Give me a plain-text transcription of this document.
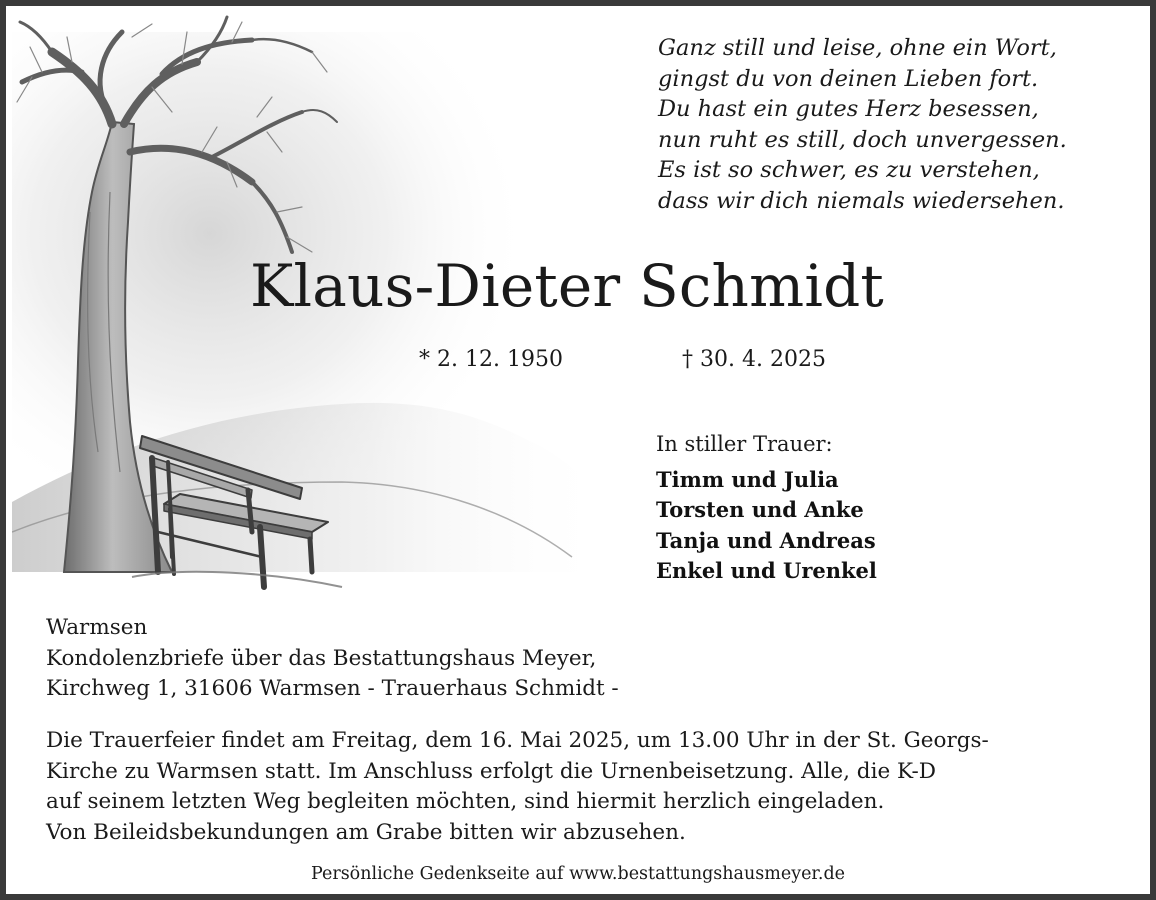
Ganz still und leise, ohne ein Wort,
gingst du von deinen Lieben fort.
Du hast ein gutes Herz besessen,
nun ruht es still, doch unvergessen.
Es ist so schwer, es zu verstehen,
dass wir dich niemals wiedersehen.
Klaus-Dieter Schmidt
* 2. 12. 1950	† 30. 4. 2025
In stiller Trauer:
Timm und Julia
Torsten und Anke
Tanja und Andreas
Enkel und Urenkel
Warmsen
Kondolenzbriefe über das Bestattungshaus Meyer,
Kirchweg 1, 31606 Warmsen - Trauerhaus Schmidt -
Die Trauerfeier findet am Freitag, dem 16. Mai 2025, um 13.00 Uhr in der St. Georgs-
Kirche zu Warmsen statt. Im Anschluss erfolgt die Urnenbeisetzung. Alle, die K-D
auf seinem letzten Weg begleiten möchten, sind hiermit herzlich eingeladen.
Von Beileidsbekundungen am Grabe bitten wir abzusehen.
Persönliche Gedenkseite auf www.bestattungshausmeyer.de
